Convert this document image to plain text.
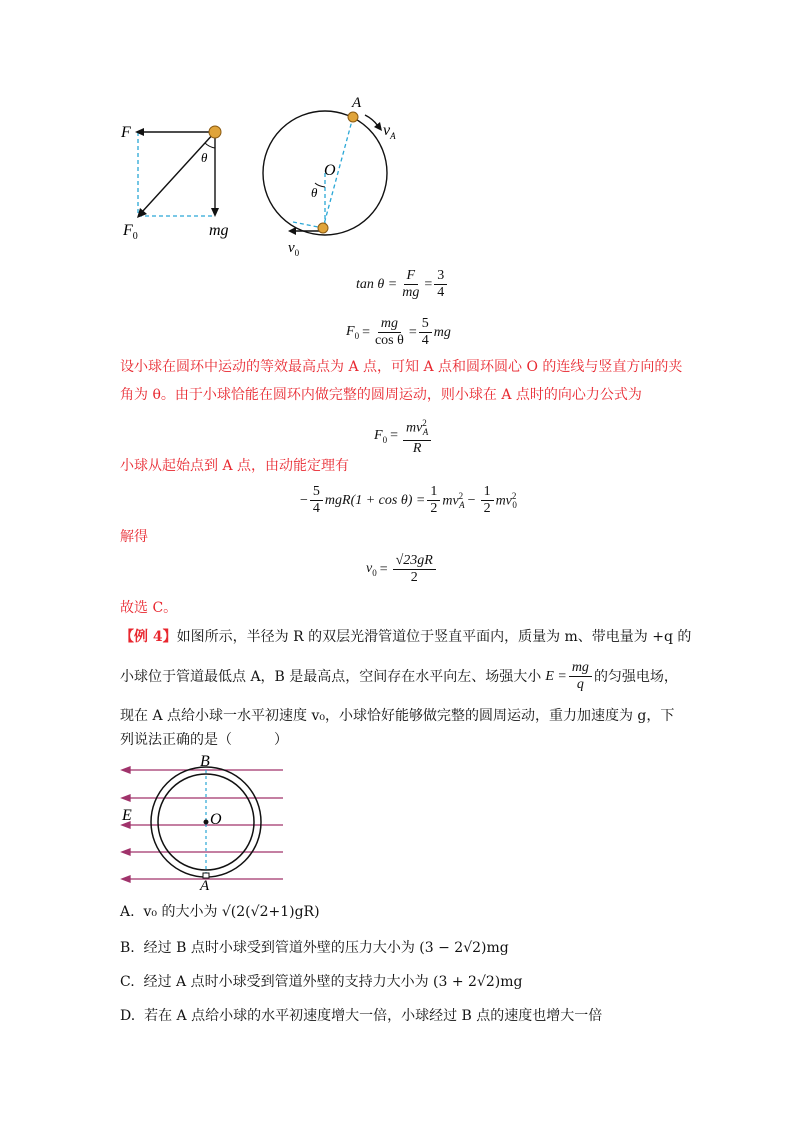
F
θ
$F_0$	mg
A
$v_A$
O
θ
$v_0$
$\tan \theta = \frac{F}{mg} = \frac{3}{4}$
$F_0 = \frac{mg}{\text{cos θ}} = \frac{5}{4}$ mg
设小球在圆环中运动的等效最高点为 A 点，可知 A 点和圆环圆心 O 的连线与竖直方向的夹
角为 θ。由于小球恰能在圆环内做完整的圆周运动，则小球在 A 点时的向心力公式为
$F_0 = \frac{mv^2_A}{R}$
小球从起始点到 A 点，由动能定理有
− $\frac{5}{4} mgR(1 + \cos \theta) = \frac{1}{2} mv^2_A - \frac{1}{2} mv^2_0$
解得
$v_0 = \frac{√23gR}{2}$
故选 C。
【例 4】如图所示，半径为 R 的双层光滑管道位于竖直平面内，质量为 m、带电量为 +q 的
小球位于管道最低点 A，B 是最高点，空间存在水平向左、场强大小 $E = \frac{mg}{q}$ 的匀强电场，
现在 A 点给小球一水平初速度 v₀，小球恰好能够做完整的圆周运动，重力加速度为 g，下
列说法正确的是（　　　）
B
E	O
A
A. v₀ 的大小为 √(2(√2+1)gR)
B. 经过 B 点时小球受到管道外壁的压力大小为 (3 − 2√2)mg
C. 经过 A 点时小球受到管道外壁的支持力大小为 (3 + 2√2)mg
D. 若在 A 点给小球的水平初速度增大一倍，小球经过 B 点的速度也增大一倍
